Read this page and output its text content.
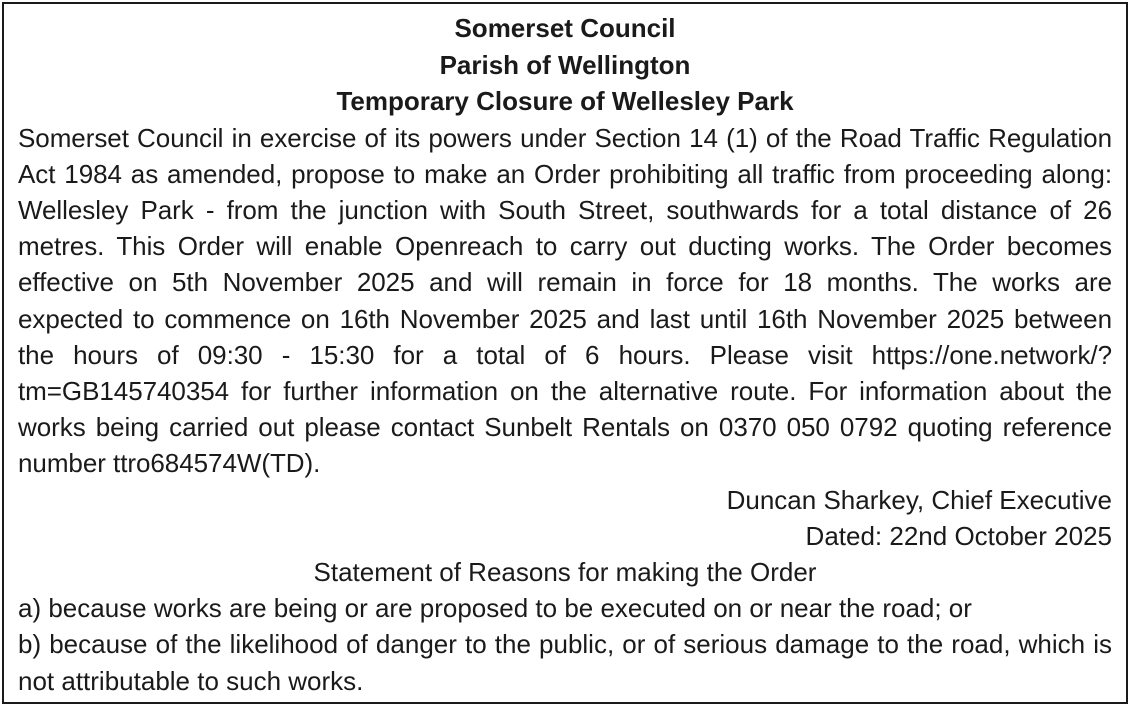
Somerset Council

Parish of Wellington

Temporary Closure of Wellesley Park

Somerset Council in exercise of its powers under Section 14 (1) of the Road Traffic Regulation Act 1984 as amended, propose to make an Order prohibiting all traffic from proceeding along: Wellesley Park - from the junction with South Street, southwards for a total distance of 26 metres. This Order will enable Openreach to carry out ducting works. The Order becomes effective on 5th November 2025 and will remain in force for 18 months. The works are expected to commence on 16th November 2025 and last until 16th November 2025 between the hours of 09:30 - 15:30 for a total of 6 hours. Please visit https://one.network/?tm=GB145740354 for further information on the alternative route. For information about the works being carried out please contact Sunbelt Rentals on 0370 050 0792 quoting reference number ttro684574W(TD).

Duncan Sharkey, Chief Executive

Dated: 22nd October 2025

Statement of Reasons for making the Order

a) because works are being or are proposed to be executed on or near the road; or

b) because of the likelihood of danger to the public, or of serious damage to the road, which is not attributable to such works.
